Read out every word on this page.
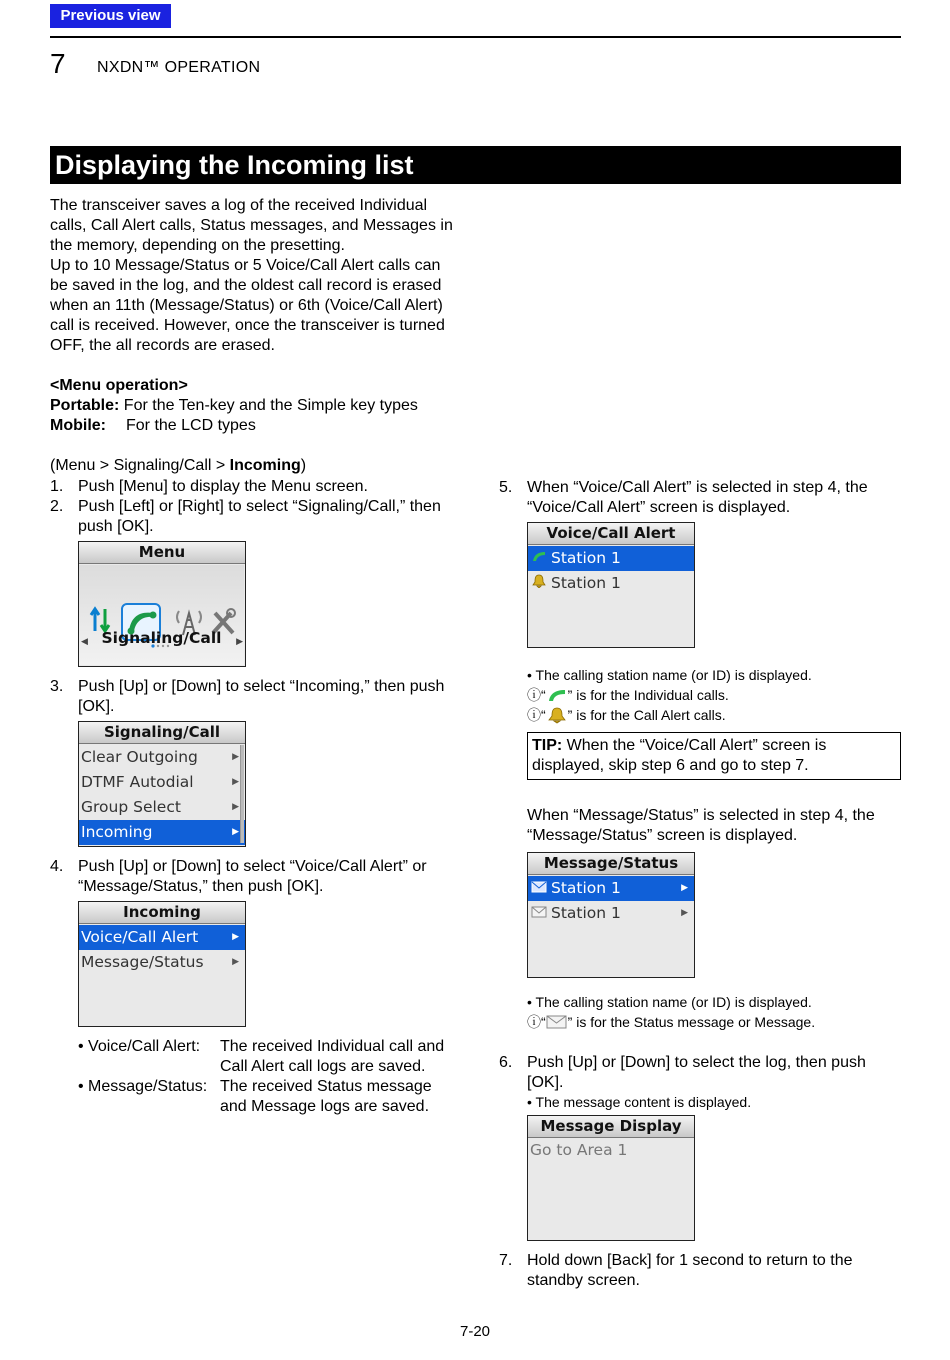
Previous view
7 NXDN™ OPERATION
Displaying the Incoming list

The transceiver saves a log of the received Individual calls, Call Alert calls, Status messages, and Messages in the memory, depending on the presetting.

Up to 10 Message/Status or 5 Voice/Call Alert calls can be saved in the log, and the oldest call record is erased when an 11th (Message/Status) or 6th (Voice/Call Alert) call is received. However, once the transceiver is turned OFF, the all records are erased.

<Menu operation>

Portable: For the Ten-key and the Simple key types

Mobile: For the LCD types

(Menu > Signaling/Call > Incoming)
1. Push [Menu] to display the Menu screen.
2. Push [Left] or [Right] to select “Signaling/Call,” then push [OK].
Menu
◀	▶
Signaling/Call
3. Push [Up] or [Down] to select “Incoming,” then push [OK].
Signaling/Call
Clear Outgoing	▶
DTMF Autodial	▶
Group Select	▶
Incoming	▶
4. Push [Up] or [Down] to select “Voice/Call Alert” or “Message/Status,” then push [OK].
Incoming
Voice/Call Alert	▶
Message/Status	▶
• Voice/Call Alert:	The received Individual call and Call Alert call logs are saved.
• Message/Status: The received Status message and Message logs are saved.
5. When “Voice/Call Alert” is selected in step 4, the “Voice/Call Alert” screen is displayed.
Voice/Call Alert
Station 1
Station 1
• The calling station name (or ID) is displayed.
ⓘ“ ” is for the Individual calls.
ⓘ“ ” is for the Call Alert calls.
TIP: When the “Voice/Call Alert” screen is displayed, skip step 6 and go to step 7.
When “Message/Status” is selected in step 4, the “Message/Status” screen is displayed.
Message/Status
Station 1	▶
Station 1	▶
• The calling station name (or ID) is displayed.
ⓘ“ ” is for the Status message or Message.
6. Push [Up] or [Down] to select the log, then push [OK].
• The message content is displayed.
Message Display
Go to Area 1
7. Hold down [Back] for 1 second to return to the standby screen.
7-20
